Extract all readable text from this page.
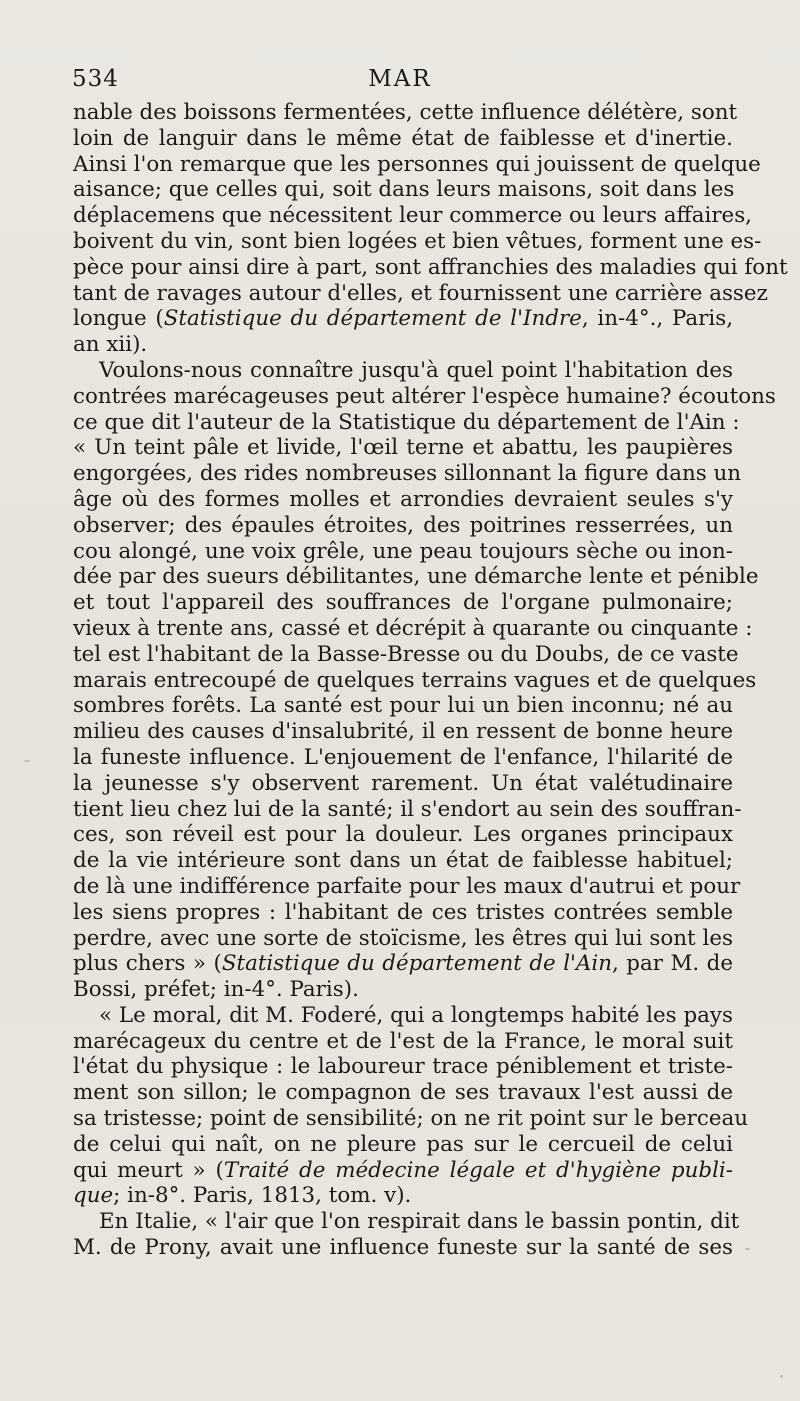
534	MAR
nable des boissons fermentées, cette influence délétère, sont
loin de languir dans le même état de faiblesse et d'inertie.
Ainsi l'on remarque que les personnes qui jouissent de quelque
aisance; que celles qui, soit dans leurs maisons, soit dans les
déplacemens que nécessitent leur commerce ou leurs affaires,
boivent du vin, sont bien logées et bien vêtues, forment une es-
pèce pour ainsi dire à part, sont affranchies des maladies qui font
tant de ravages autour d'elles, et fournissent une carrière assez
longue (Statistique du département de l'Indre, in-4°., Paris,
an xii).
Voulons-nous connaître jusqu'à quel point l'habitation des
contrées marécageuses peut altérer l'espèce humaine? écoutons
ce que dit l'auteur de la Statistique du département de l'Ain :
« Un teint pâle et livide, l'œil terne et abattu, les paupières
engorgées, des rides nombreuses sillonnant la figure dans un
âge où des formes molles et arrondies devraient seules s'y
observer; des épaules étroites, des poitrines resserrées, un
cou alongé, une voix grêle, une peau toujours sèche ou inon-
dée par des sueurs débilitantes, une démarche lente et pénible
et tout l'appareil des souffrances de l'organe pulmonaire;
vieux à trente ans, cassé et décrépit à quarante ou cinquante :
tel est l'habitant de la Basse-Bresse ou du Doubs, de ce vaste
marais entrecoupé de quelques terrains vagues et de quelques
sombres forêts. La santé est pour lui un bien inconnu; né au
milieu des causes d'insalubrité, il en ressent de bonne heure
la funeste influence. L'enjouement de l'enfance, l'hilarité de
la jeunesse s'y observent rarement. Un état valétudinaire
tient lieu chez lui de la santé; il s'endort au sein des souffran-
ces, son réveil est pour la douleur. Les organes principaux
de la vie intérieure sont dans un état de faiblesse habituel;
de là une indifférence parfaite pour les maux d'autrui et pour
les siens propres : l'habitant de ces tristes contrées semble
perdre, avec une sorte de stoïcisme, les êtres qui lui sont les
plus chers » (Statistique du département de l'Ain, par M. de
Bossi, préfet; in-4°. Paris).
« Le moral, dit M. Foderé, qui a longtemps habité les pays
marécageux du centre et de l'est de la France, le moral suit
l'état du physique : le laboureur trace péniblement et triste-
ment son sillon; le compagnon de ses travaux l'est aussi de
sa tristesse; point de sensibilité; on ne rit point sur le berceau
de celui qui naît, on ne pleure pas sur le cercueil de celui
qui meurt » (Traité de médecine légale et d'hygiène publi-
que; in-8°. Paris, 1813, tom. v).
En Italie, « l'air que l'on respirait dans le bassin pontin, dit
M. de Prony, avait une influence funeste sur la santé de ses
